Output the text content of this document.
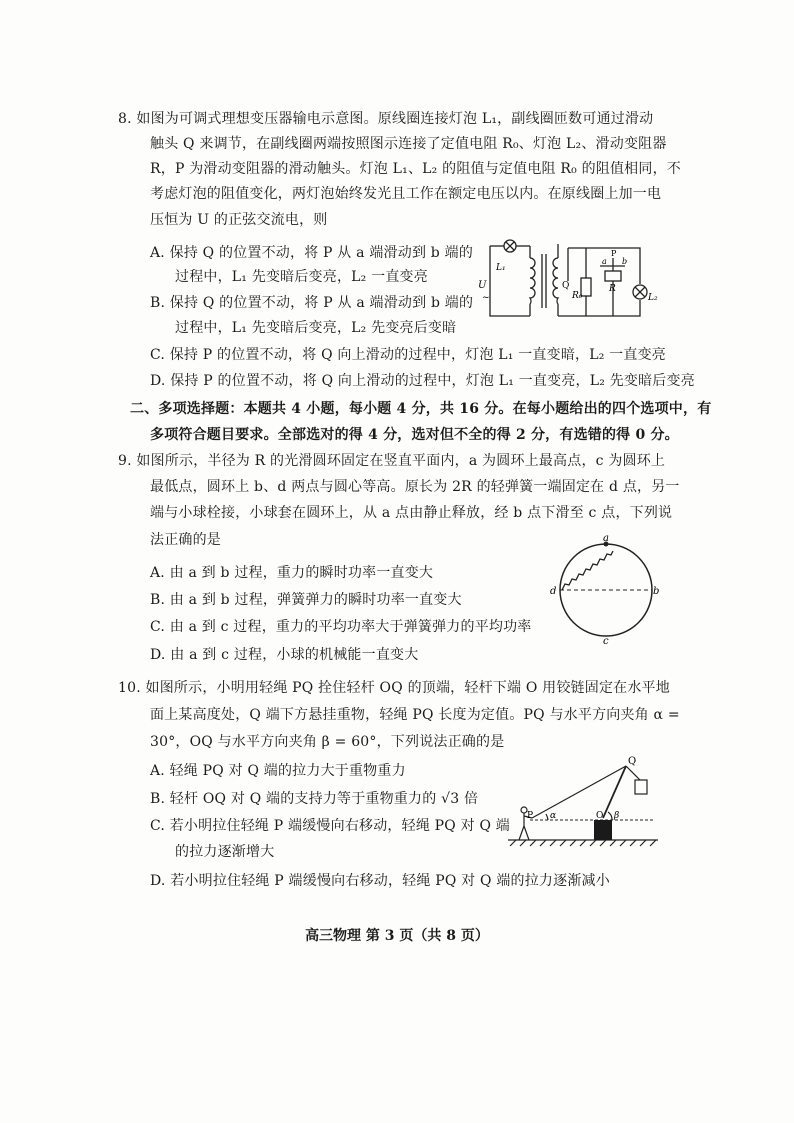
8. 如图为可调式理想变压器输电示意图。原线圈连接灯泡 L₁，副线圈匝数可通过滑动
触头 Q 来调节，在副线圈两端按照图示连接了定值电阻 R₀、灯泡 L₂、滑动变阻器
R，P 为滑动变阻器的滑动触头。灯泡 L₁、L₂ 的阻值与定值电阻 R₀ 的阻值相同，不
考虑灯泡的阻值变化，两灯泡始终发光且工作在额定电压以内。在原线圈上加一电
压恒为 U 的正弦交流电，则
A. 保持 Q 的位置不动，将 P 从 a 端滑动到 b 端的
过程中，L₁ 先变暗后变亮，L₂ 一直变亮
B. 保持 Q 的位置不动，将 P 从 a 端滑动到 b 端的
过程中，L₁ 先变暗后变亮，L₂ 先变亮后变暗
C. 保持 P 的位置不动，将 Q 向上滑动的过程中，灯泡 L₁ 一直变暗，L₂ 一直变亮
D. 保持 P 的位置不动，将 Q 向上滑动的过程中，灯泡 L₁ 一直变亮，L₂ 先变暗后变亮
U
~
L₁
Q
R₀
a
P
b
R
L₂
二、多项选择题：本题共 4 小题，每小题 4 分，共 16 分。在每小题给出的四个选项中，有
多项符合题目要求。全部选对的得 4 分，选对但不全的得 2 分，有选错的得 0 分。
9. 如图所示，半径为 R 的光滑圆环固定在竖直平面内，a 为圆环上最高点，c 为圆环上
最低点，圆环上 b、d 两点与圆心等高。原长为 2R 的轻弹簧一端固定在 d 点，另一
端与小球栓接，小球套在圆环上，从 a 点由静止释放，经 b 点下滑至 c 点，下列说
法正确的是
A. 由 a 到 b 过程，重力的瞬时功率一直变大
B. 由 a 到 b 过程，弹簧弹力的瞬时功率一直变大
C. 由 a 到 c 过程，重力的平均功率大于弹簧弹力的平均功率
D. 由 a 到 c 过程，小球的机械能一直变大
a
b
c
d
10. 如图所示，小明用轻绳 PQ 拴住轻杆 OQ 的顶端，轻杆下端 O 用铰链固定在水平地
面上某高度处，Q 端下方悬挂重物，轻绳 PQ 长度为定值。PQ 与水平方向夹角 α =
30°，OQ 与水平方向夹角 β = 60°，下列说法正确的是
A. 轻绳 PQ 对 Q 端的拉力大于重物重力
B. 轻杆 OQ 对 Q 端的支持力等于重物重力的 √3 倍
C. 若小明拉住轻绳 P 端缓慢向右移动，轻绳 PQ 对 Q 端
的拉力逐渐增大
D. 若小明拉住轻绳 P 端缓慢向右移动，轻绳 PQ 对 Q 端的拉力逐渐减小
Q
P α	O β
高三物理 第 3 页（共 8 页）
